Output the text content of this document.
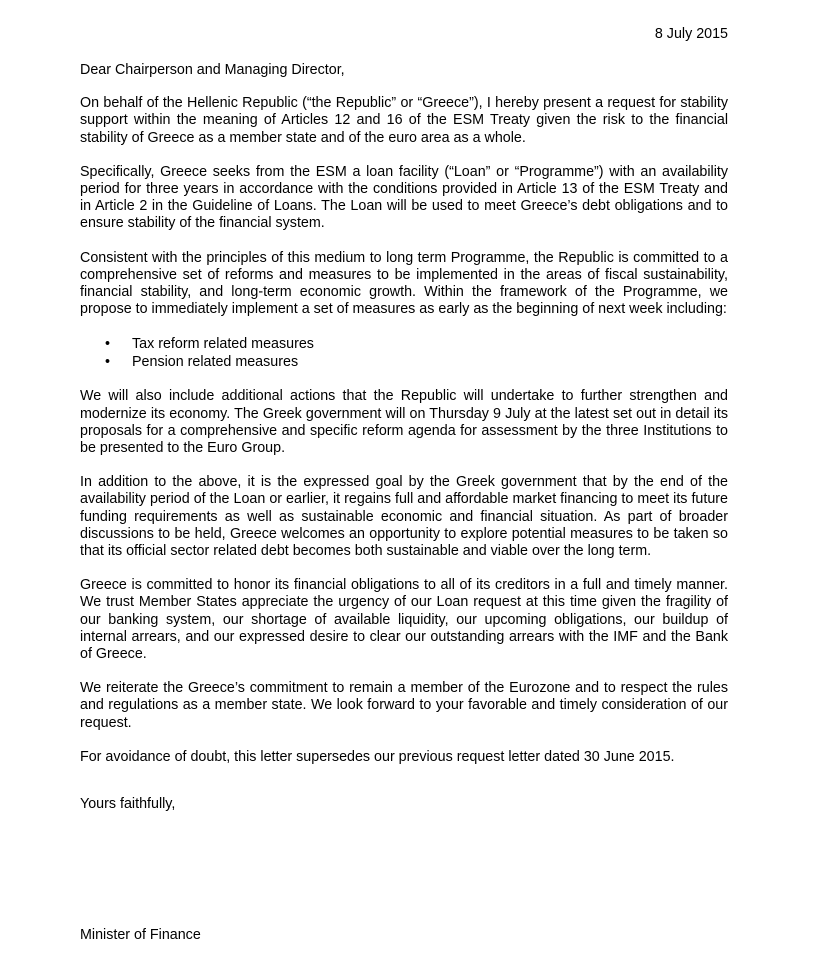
8 July 2015

Dear Chairperson and Managing Director,

On behalf of the Hellenic Republic (“the Republic” or “Greece”), I hereby present a request for stability support within the meaning of Articles 12 and 16 of the ESM Treaty given the risk to the financial stability of Greece as a member state and of the euro area as a whole.

Specifically, Greece seeks from the ESM a loan facility (“Loan” or “Programme”) with an availability period for three years in accordance with the conditions provided in Article 13 of the ESM Treaty and in Article 2 in the Guideline of Loans. The Loan will be used to meet Greece’s debt obligations and to ensure stability of the financial system.

Consistent with the principles of this medium to long term Programme, the Republic is committed to a comprehensive set of reforms and measures to be implemented in the areas of fiscal sustainability, financial stability, and long-term economic growth. Within the framework of the Programme, we propose to immediately implement a set of measures as early as the beginning of next week including:

• Tax reform related measures
• Pension related measures

We will also include additional actions that the Republic will undertake to further strengthen and modernize its economy. The Greek government will on Thursday 9 July at the latest set out in detail its proposals for a comprehensive and specific reform agenda for assessment by the three Institutions to be presented to the Euro Group.

In addition to the above, it is the expressed goal by the Greek government that by the end of the availability period of the Loan or earlier, it regains full and affordable market financing to meet its future funding requirements as well as sustainable economic and financial situation. As part of broader discussions to be held, Greece welcomes an opportunity to explore potential measures to be taken so that its official sector related debt becomes both sustainable and viable over the long term.

Greece is committed to honor its financial obligations to all of its creditors in a full and timely manner. We trust Member States appreciate the urgency of our Loan request at this time given the fragility of our banking system, our shortage of available liquidity, our upcoming obligations, our buildup of internal arrears, and our expressed desire to clear our outstanding arrears with the IMF and the Bank of Greece.

We reiterate the Greece’s commitment to remain a member of the Eurozone and to respect the rules and regulations as a member state. We look forward to your favorable and timely consideration of our request.

For avoidance of doubt, this letter supersedes our previous request letter dated 30 June 2015.

Yours faithfully,

Minister of Finance
